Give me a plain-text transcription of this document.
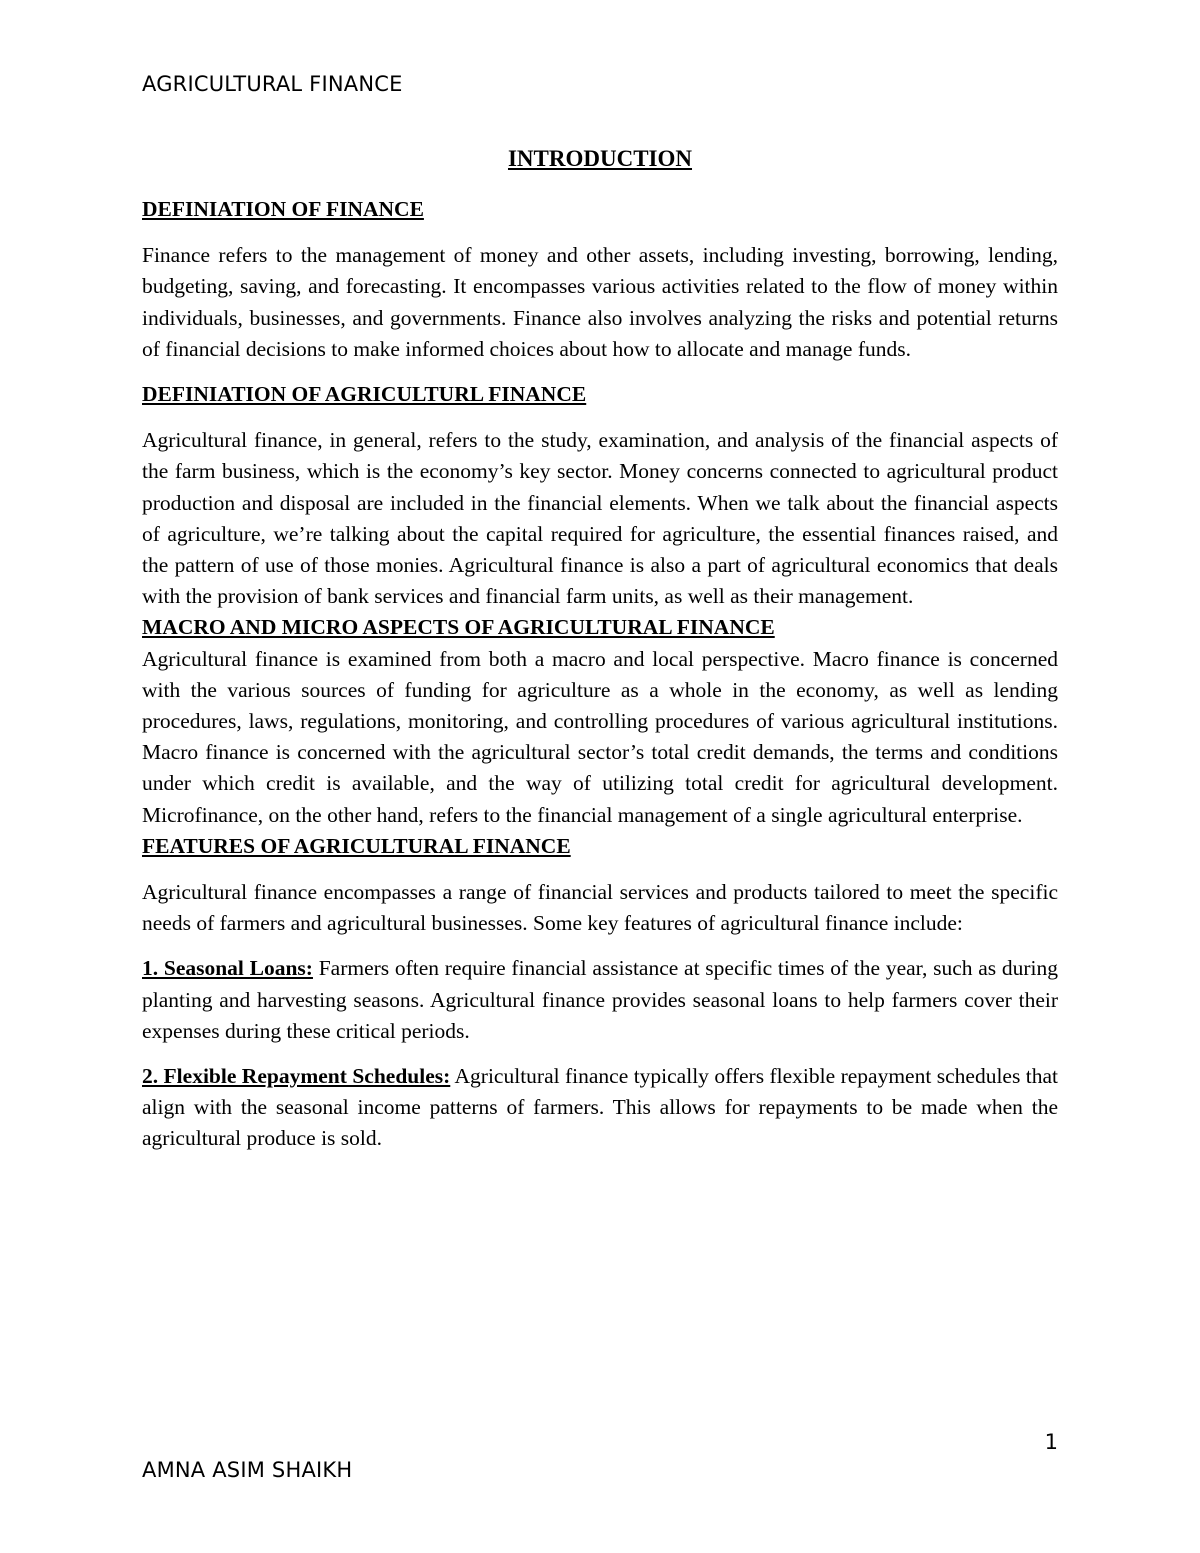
AGRICULTURAL FINANCE
INTRODUCTION
DEFINIATION OF FINANCE
Finance refers to the management of money and other assets, including investing, borrowing, lending, budgeting, saving, and forecasting. It encompasses various activities related to the flow of money within individuals, businesses, and governments. Finance also involves analyzing the risks and potential returns of financial decisions to make informed choices about how to allocate and manage funds.
DEFINIATION OF AGRICULTURL FINANCE
Agricultural finance, in general, refers to the study, examination, and analysis of the financial aspects of the farm business, which is the economy’s key sector. Money concerns connected to agricultural product production and disposal are included in the financial elements. When we talk about the financial aspects of agriculture, we’re talking about the capital required for agriculture, the essential finances raised, and the pattern of use of those monies. Agricultural finance is also a part of agricultural economics that deals with the provision of bank services and financial farm units, as well as their management.
MACRO AND MICRO ASPECTS OF AGRICULTURAL FINANCE
Agricultural finance is examined from both a macro and local perspective. Macro finance is concerned with the various sources of funding for agriculture as a whole in the economy, as well as lending procedures, laws, regulations, monitoring, and controlling procedures of various agricultural institutions. Macro finance is concerned with the agricultural sector’s total credit demands, the terms and conditions under which credit is available, and the way of utilizing total credit for agricultural development. Microfinance, on the other hand, refers to the financial management of a single agricultural enterprise.
FEATURES OF AGRICULTURAL FINANCE
Agricultural finance encompasses a range of financial services and products tailored to meet the specific needs of farmers and agricultural businesses. Some key features of agricultural finance include:
1. Seasonal Loans: Farmers often require financial assistance at specific times of the year, such as during planting and harvesting seasons. Agricultural finance provides seasonal loans to help farmers cover their expenses during these critical periods.
2. Flexible Repayment Schedules: Agricultural finance typically offers flexible repayment schedules that align with the seasonal income patterns of farmers. This allows for repayments to be made when the agricultural produce is sold.
1
AMNA ASIM SHAIKH
